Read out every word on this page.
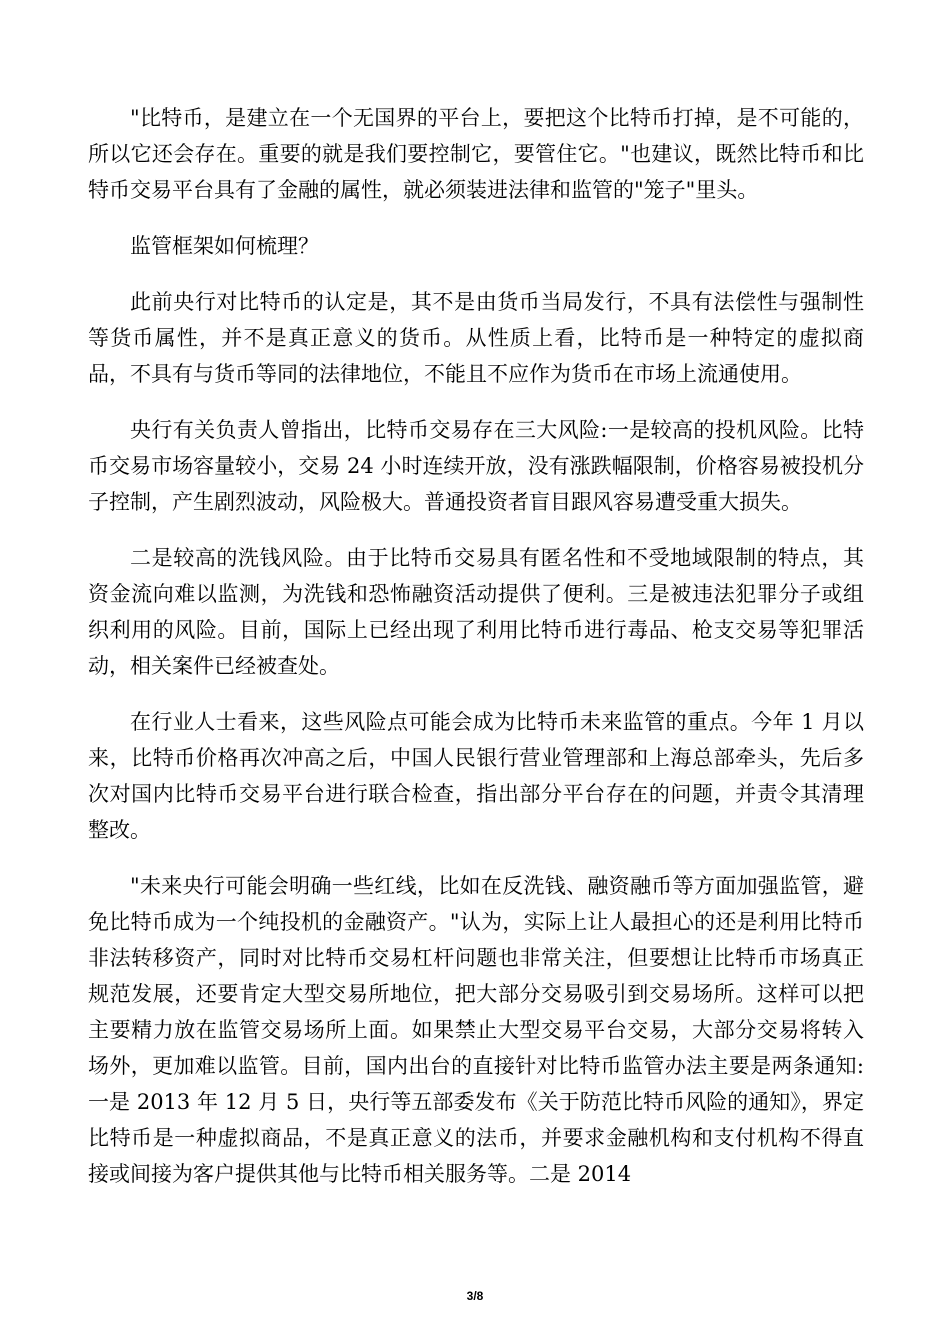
"比特币，是建立在一个无国界的平台上，要把这个比特币打掉，是不可能的，所以它还会存在。重要的就是我们要控制它，要管住它。"也建议，既然比特币和比特币交易平台具有了金融的属性，就必须装进法律和监管的"笼子"里头。

监管框架如何梳理？

此前央行对比特币的认定是，其不是由货币当局发行，不具有法偿性与强制性等货币属性，并不是真正意义的货币。从性质上看，比特币是一种特定的虚拟商品，不具有与货币等同的法律地位，不能且不应作为货币在市场上流通使用。

央行有关负责人曾指出，比特币交易存在三大风险:一是较高的投机风险。比特币交易市场容量较小，交易 24 小时连续开放，没有涨跌幅限制，价格容易被投机分子控制，产生剧烈波动，风险极大。普通投资者盲目跟风容易遭受重大损失。

二是较高的洗钱风险。由于比特币交易具有匿名性和不受地域限制的特点，其资金流向难以监测，为洗钱和恐怖融资活动提供了便利。三是被违法犯罪分子或组织利用的风险。目前，国际上已经出现了利用比特币进行毒品、枪支交易等犯罪活动，相关案件已经被查处。

在行业人士看来，这些风险点可能会成为比特币未来监管的重点。今年 1 月以来，比特币价格再次冲高之后，中国人民银行营业管理部和上海总部牵头，先后多次对国内比特币交易平台进行联合检查，指出部分平台存在的问题，并责令其清理整改。

"未来央行可能会明确一些红线，比如在反洗钱、融资融币等方面加强监管，避免比特币成为一个纯投机的金融资产。"认为，实际上让人最担心的还是利用比特币非法转移资产，同时对比特币交易杠杆问题也非常关注，但要想让比特币市场真正规范发展，还要肯定大型交易所地位，把大部分交易吸引到交易场所。这样可以把主要精力放在监管交易场所上面。如果禁止大型交易平台交易，大部分交易将转入场外，更加难以监管。目前，国内出台的直接针对比特币监管办法主要是两条通知:一是 2013 年 12 月 5 日，央行等五部委发布《关于防范比特币风险的通知》，界定比特币是一种虚拟商品，不是真正意义的法币，并要求金融机构和支付机构不得直接或间接为客户提供其他与比特币相关服务等。二是 2014

3/8
